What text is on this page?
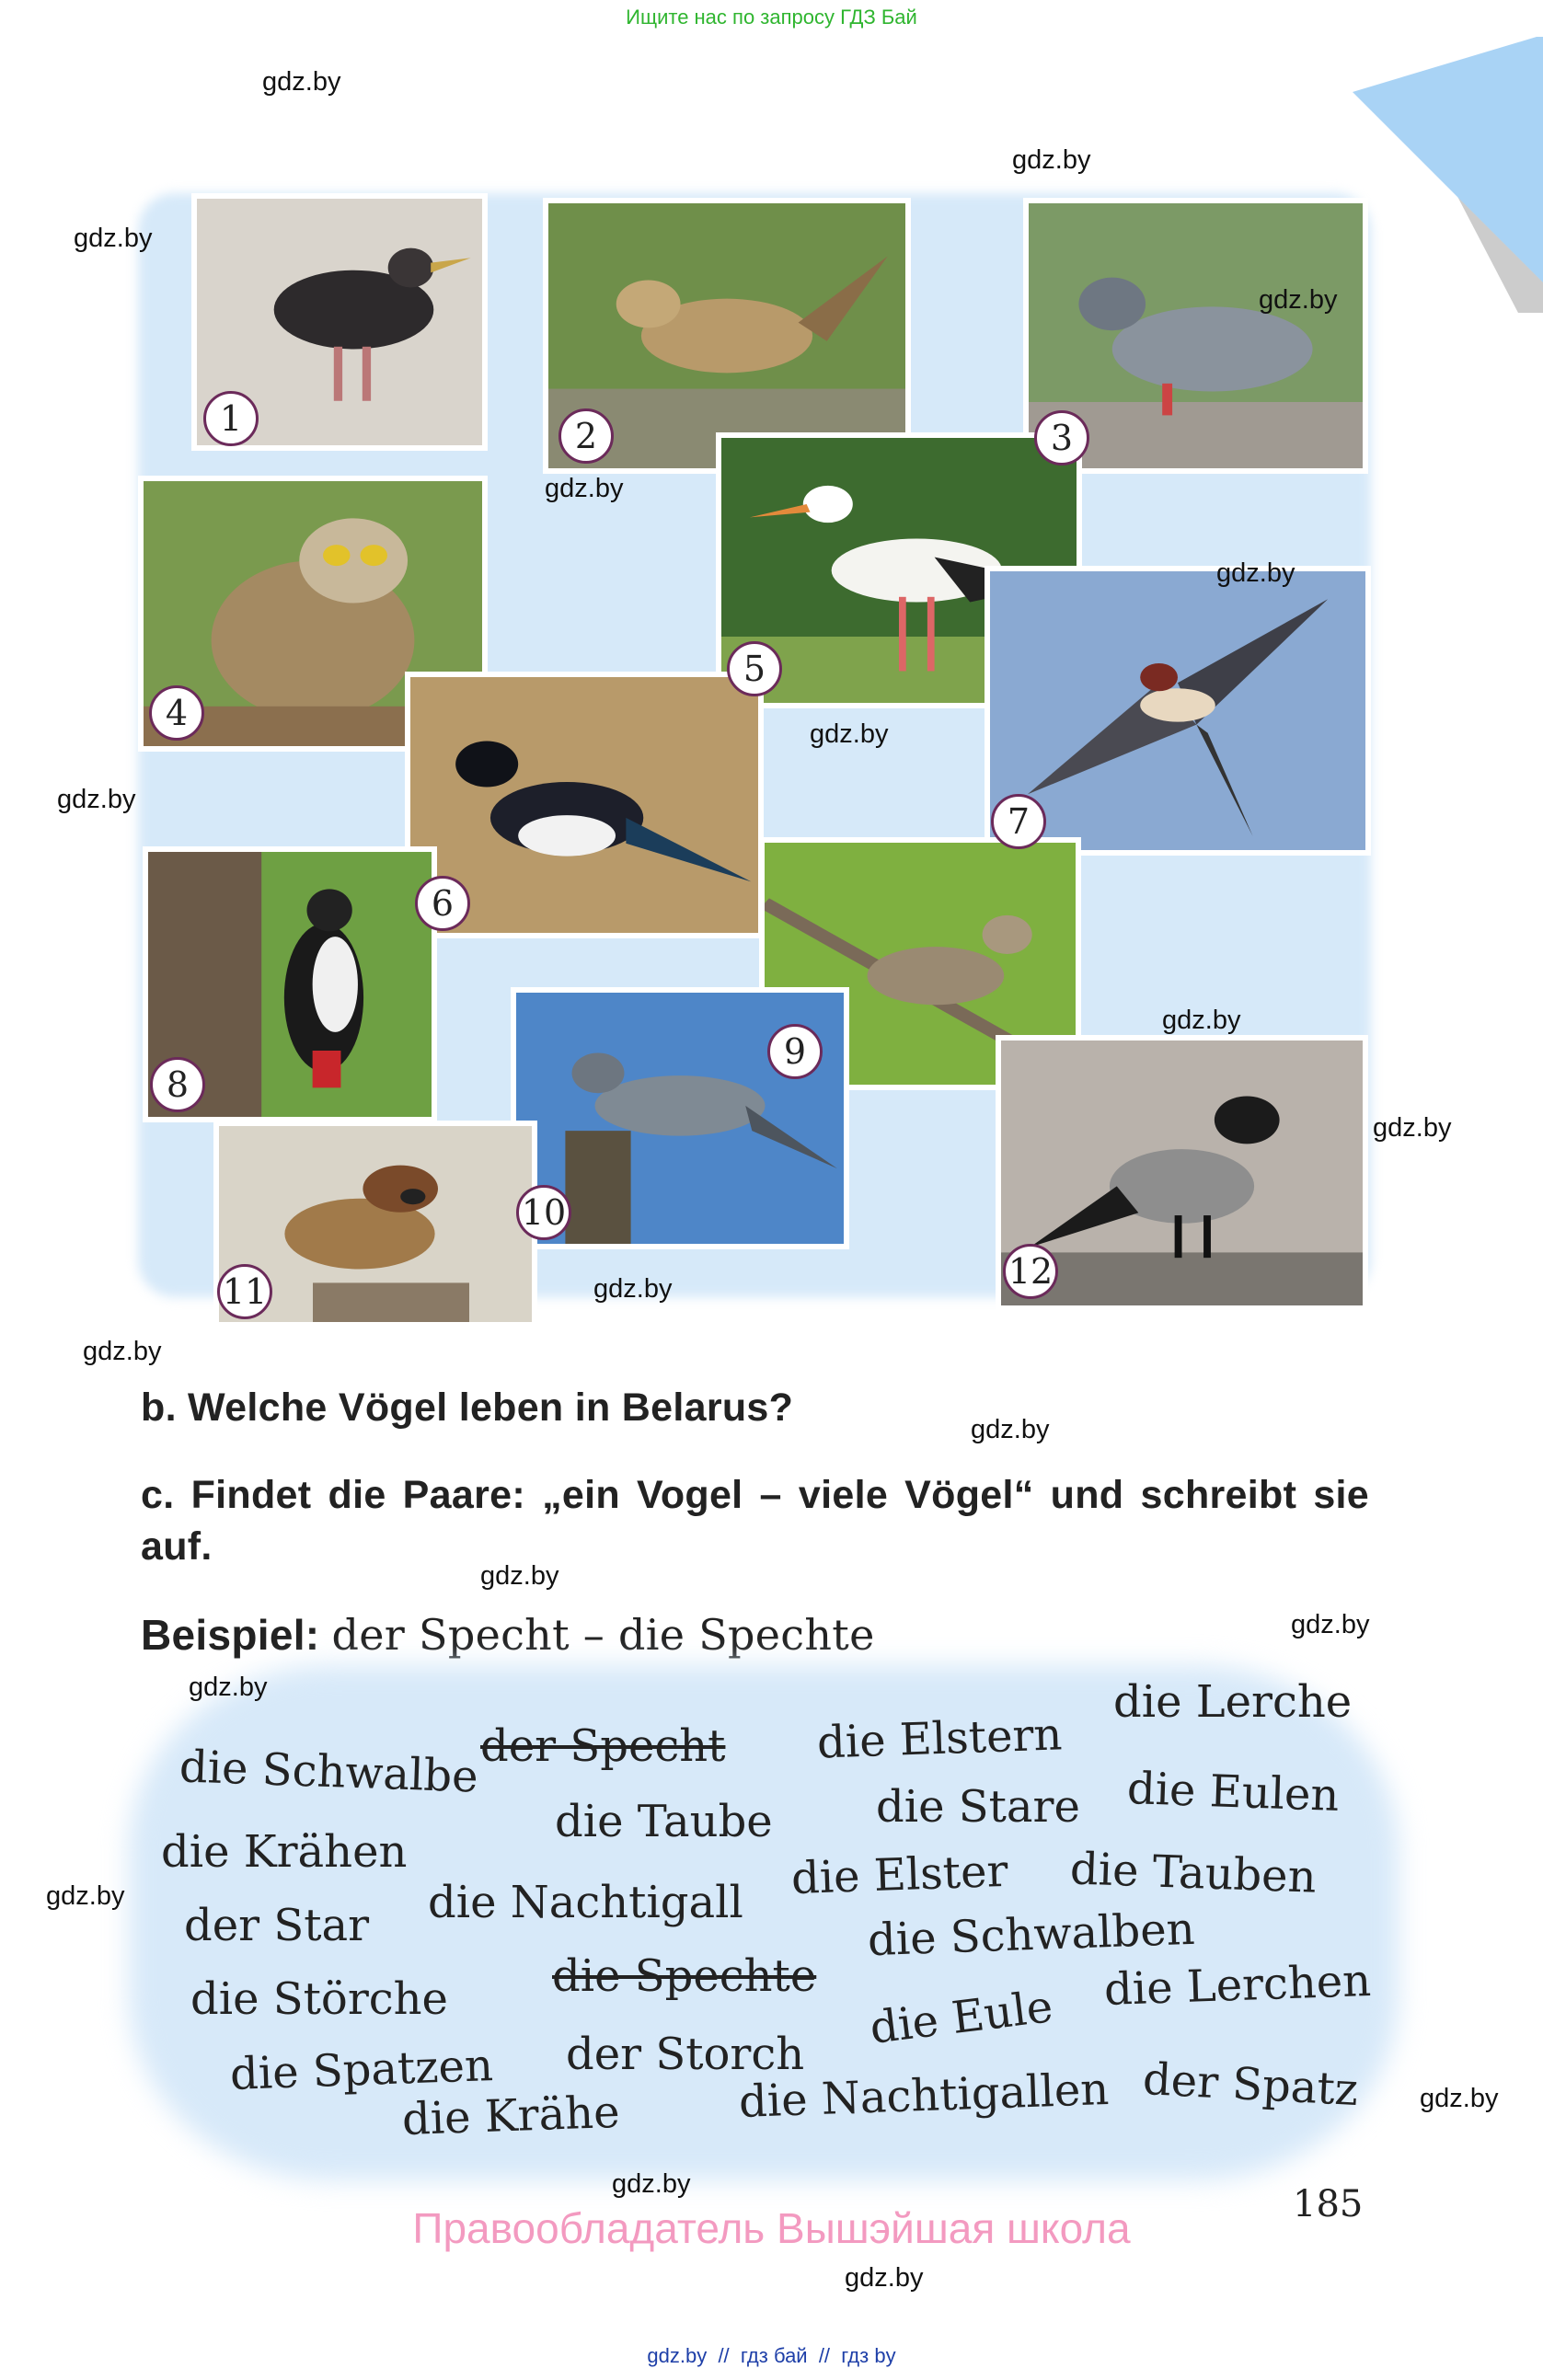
Ищите нас по запросу ГДЗ Бай
1	2	3
4
5
6
7
8
9
10
11	12
b. Welche Vögel leben in Belarus?
c. Findet die Paare: „ein Vogel – viele Vögel“ und schreibt sie auf.
Beispiel: der Specht – die Spechte
die Lerche
die Elstern
der Specht
die Schwalbe
die Stare die Eulen
die Taube
die Krähen	die Elster die Tauben
der Star die Nachtigall
die Schwalben
die Störche die Spechte
die Eule die Lerchen
der Storch
die Spatzen	der Spatz
die Nachtigallen
die Krähe
gdz.by
gdz.by
gdz.by
gdz.by
gdz.by
gdz.by
gdz.by
gdz.by
gdz.by
gdz.by
gdz.by
gdz.by
gdz.by
gdz.by
gdz.by
gdz.by
gdz.by
gdz.by
gdz.by
gdz.by
185
Правообладатель Вышэйшая школа
gdz.by  //  гдз бай  //  гдз by
